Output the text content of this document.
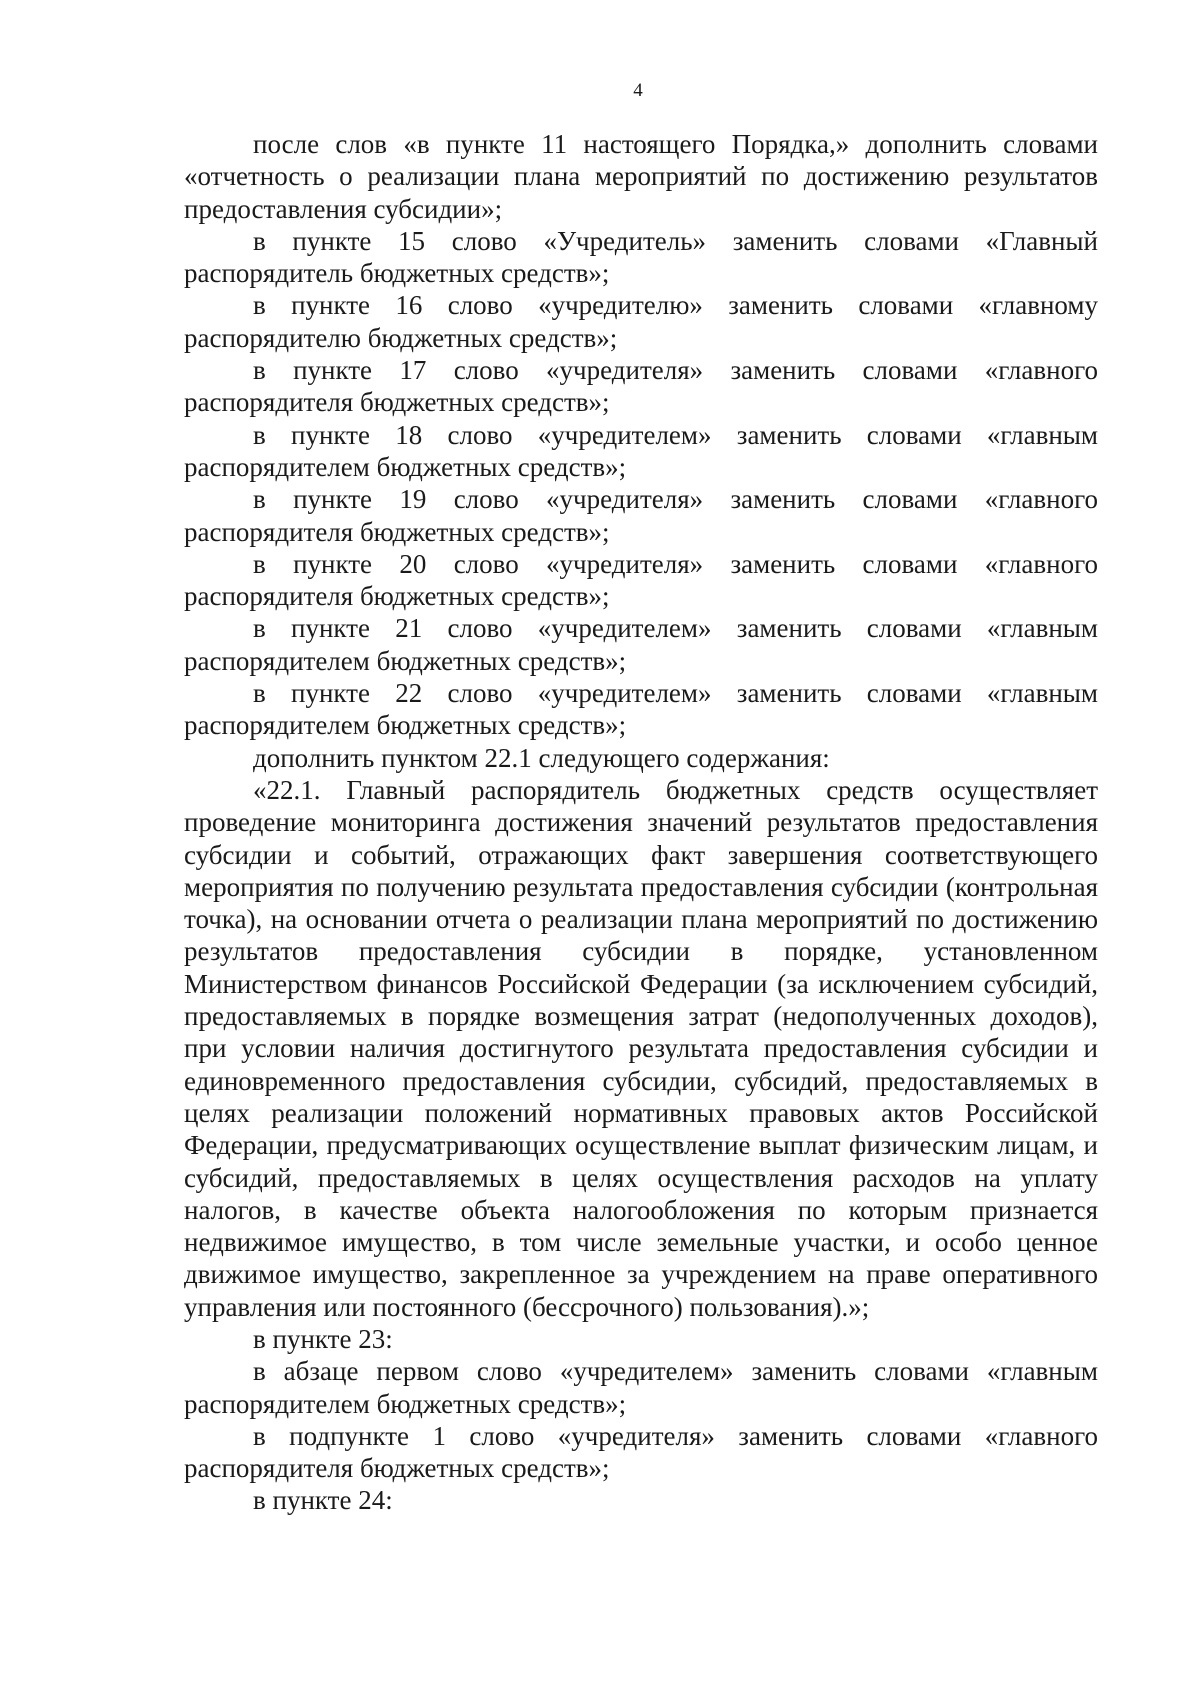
4

после слов «в пункте 11 настоящего Порядка,» дополнить словами «отчетность о реализации плана мероприятий по достижению результатов предоставления субсидии»;

в пункте 15 слово «Учредитель» заменить словами «Главный распорядитель бюджетных средств»;

в пункте 16 слово «учредителю» заменить словами «главному распорядителю бюджетных средств»;

в пункте 17 слово «учредителя» заменить словами «главного распорядителя бюджетных средств»;

в пункте 18 слово «учредителем» заменить словами «главным распорядителем бюджетных средств»;

в пункте 19 слово «учредителя» заменить словами «главного распорядителя бюджетных средств»;

в пункте 20 слово «учредителя» заменить словами «главного распорядителя бюджетных средств»;

в пункте 21 слово «учредителем» заменить словами «главным распорядителем бюджетных средств»;

в пункте 22 слово «учредителем» заменить словами «главным распорядителем бюджетных средств»;

дополнить пунктом 22.1 следующего содержания:

«22.1. Главный распорядитель бюджетных средств осуществляет проведение мониторинга достижения значений результатов предоставления субсидии и событий, отражающих факт завершения соответствующего мероприятия по получению результата предоставления субсидии (контрольная точка), на основании отчета о реализации плана мероприятий по достижению результатов предоставления субсидии в порядке, установленном Министерством финансов Российской Федерации (за исключением субсидий, предоставляемых в порядке возмещения затрат (недополученных доходов), при условии наличия достигнутого результата предоставления субсидии и единовременного предоставления субсидии, субсидий, предоставляемых в целях реализации положений нормативных правовых актов Российской Федерации, предусматривающих осуществление выплат физическим лицам, и субсидий, предоставляемых в целях осуществления расходов на уплату налогов, в качестве объекта налогообложения по которым признается недвижимое имущество, в том числе земельные участки, и особо ценное движимое имущество, закрепленное за учреждением на праве оперативного управления или постоянного (бессрочного) пользования).»;

в пункте 23:

в абзаце первом слово «учредителем» заменить словами «главным распорядителем бюджетных средств»;

в подпункте 1 слово «учредителя» заменить словами «главного распорядителя бюджетных средств»;

в пункте 24:
